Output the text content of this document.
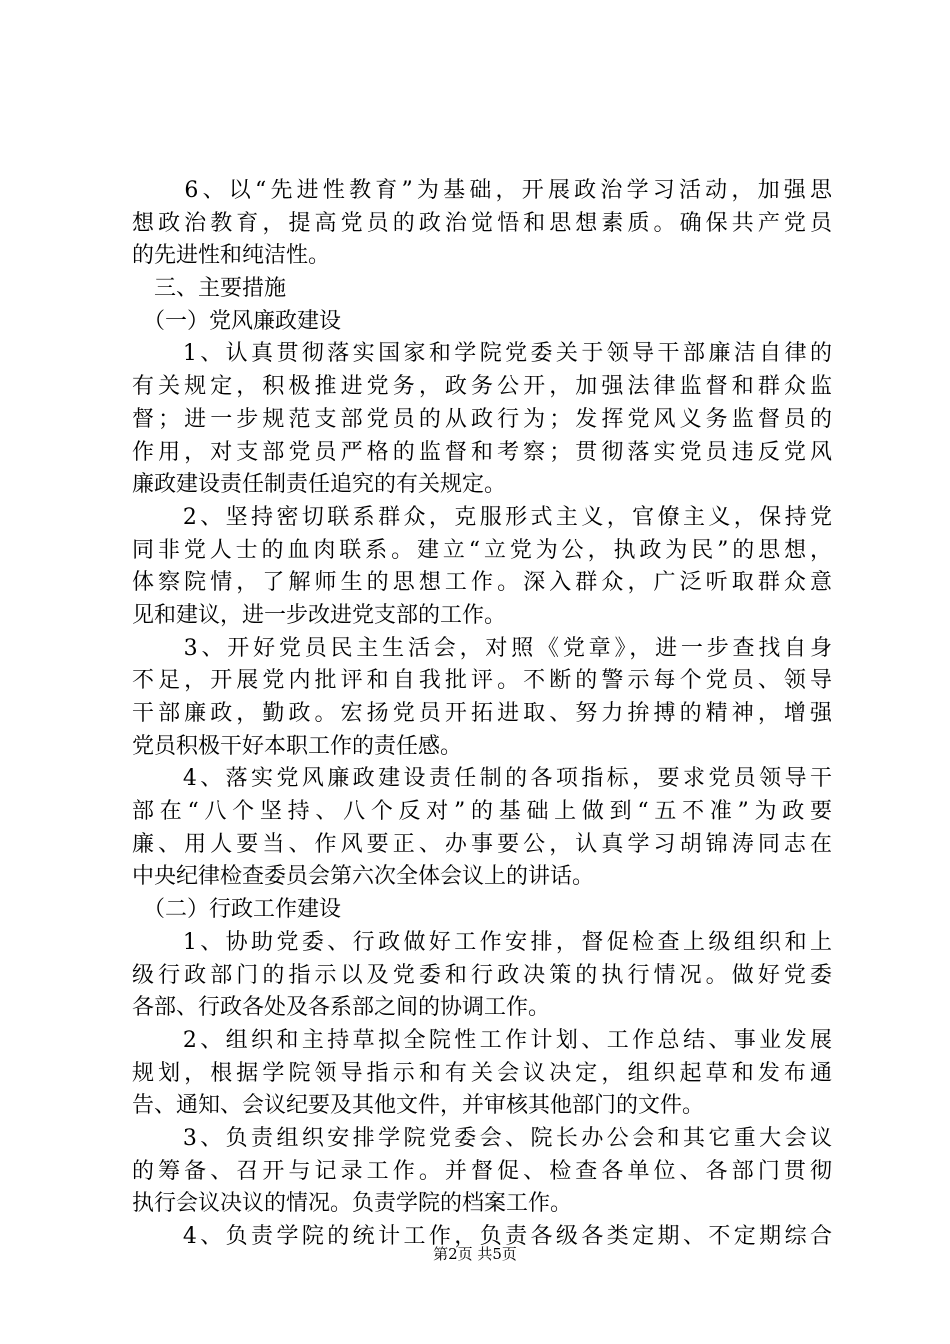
　　6、以“先进性教育”为基础，开展政治学习活动，加强思
想政治教育，提高党员的政治觉悟和思想素质。确保共产党员
的先进性和纯洁性。
　三、主要措施
　（一）党风廉政建设
　　1、认真贯彻落实国家和学院党委关于领导干部廉洁自律的
有关规定，积极推进党务，政务公开，加强法律监督和群众监
督；进一步规范支部党员的从政行为；发挥党风义务监督员的
作用，对支部党员严格的监督和考察；贯彻落实党员违反党风
廉政建设责任制责任追究的有关规定。
　　2、坚持密切联系群众，克服形式主义，官僚主义，保持党
同非党人士的血肉联系。建立“立党为公，执政为民”的思想，
体察院情，了解师生的思想工作。深入群众，广泛听取群众意
见和建议，进一步改进党支部的工作。
　　3、开好党员民主生活会，对照《党章》，进一步查找自身
不足，开展党内批评和自我批评。不断的警示每个党员、领导
干部廉政，勤政。宏扬党员开拓进取、努力拚搏的精神，增强
党员积极干好本职工作的责任感。
　　4、落实党风廉政建设责任制的各项指标，要求党员领导干
部在“八个坚持、八个反对”的基础上做到“五不准”为政要
廉、用人要当、作风要正、办事要公，认真学习胡锦涛同志在
中央纪律检查委员会第六次全体会议上的讲话。
　（二）行政工作建设
　　1、协助党委、行政做好工作安排，督促检查上级组织和上
级行政部门的指示以及党委和行政决策的执行情况。做好党委
各部、行政各处及各系部之间的协调工作。
　　2、组织和主持草拟全院性工作计划、工作总结、事业发展
规划，根据学院领导指示和有关会议决定，组织起草和发布通
告、通知、会议纪要及其他文件，并审核其他部门的文件。
　　3、负责组织安排学院党委会、院长办公会和其它重大会议
的筹备、召开与记录工作。并督促、检查各单位、各部门贯彻
执行会议决议的情况。负责学院的档案工作。
　　4、负责学院的统计工作，负责各级各类定期、不定期综合
第2页 共5页
